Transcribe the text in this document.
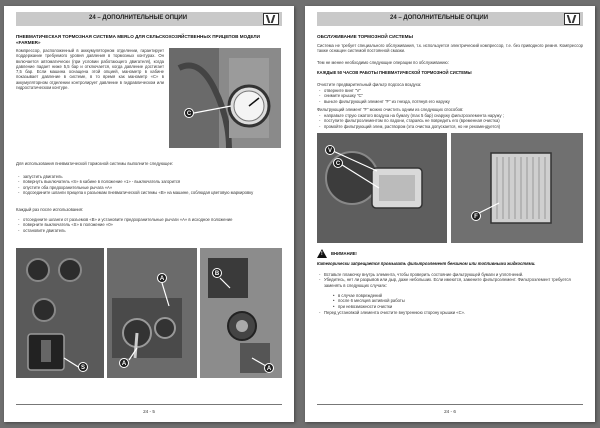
24 – ДОПОЛНИТЕЛЬНЫЕ ОПЦИИ
ПНЕВМАТИЧЕСКАЯ ТОРМОЗНАЯ СИСТЕМА MERLO ДЛЯ СЕЛЬСКОХОЗЯЙСТВЕННЫХ ПРИЦЕПОВ МОДЕЛИ «FARMER»
Компрессор, расположенный в акккумуляторном отделении, гарантирует поддержание требуемого уровня давления в тормозных контурах. Он включается автоматически (при условии работающего двигателя), когда давление падает ниже 5,5 бар и отключается, когда давление достигает 7,5 бар. Если машина оснащена этой опцией, манометр в кабине показывает давление в системе, в то время как манометр «C» в аккумуляторном отделении контролирует давление в гидравлическом или гидростатическом контуре.
C
Для использования пневматической тормозной системы выполните следующее:
- запустить двигатель
- повернуть выключатель «S» в кабине в положение «1» - выключатель загорится
- опустите оба предохранительные рычага «A»
- подсоедините шланги прицепа к разъемам пневматической системы «B» на машине, соблюдая цветовую маркировку
Каждый раз после использования:
- отсоедините шланги от разъемов «B» и установите предохранительные рычаги «A» в исходное положение
- поверните выключатель «S» в положение «0»
- остановите двигатель
S
A
A
B
A
24 - 5
24 – ДОПОЛНИТЕЛЬНЫЕ ОПЦИИ
ОБСЛУЖИВАНИЕ ТОРМОЗНОЙ СИСТЕМЫ
Система не требует специального обслуживания, т.к. используется электрический компрессор, т.е. без приводного ремня. Компрессор также оснащен системой постоянной смазки.
Тем не менее необходимо следующие операции по обслуживанию:
КАЖДЫЕ 50 ЧАСОВ РАБОТЫ ПНЕВМАТИЧЕСКОЙ ТОРМОЗНОЙ СИСТЕМЫ
Очистите предварительный фильтр подсоса воздуха:
- отверните винт "V"
- снимите крышку "C"
- выньте фильтрующий элемент "F" из гнезда, потянув его наружу
Фильтрующий элемент "F" можно очистить одним из следующих способов:
- направьте струю сжатого воздуха на бумагу (max 5 бар) снаружу фильтроэлемента наружу ;
- поступите фильтроэлементом по ладони, стараясь не повредить его (временная очистка)
- промойте фильтрующий элем, раствором (эта очистка допускается, но не рекомендуется)
V
C
F
! ВНИМАНИЕ!
Категорически запрещается промывать фильтроэлемент бензином или топливными жидкостями.
- Вставьте пламочку внутрь элемента, чтобы проверить состояние фильтрующей бумаги и уплотнений.
- Убедитесь, нет ли разрывов или дыр, даже небольших. Если имеются, замените фильтроэлемент. Фильтроэлемент требуется заменять в следующих случаях:
• в случае повреждений
• после 6 месяцев активной работы
• при невозможности очистки
- Перед установкой элемента очистите внутреннюю сторону крышки «C».
24 - 6
